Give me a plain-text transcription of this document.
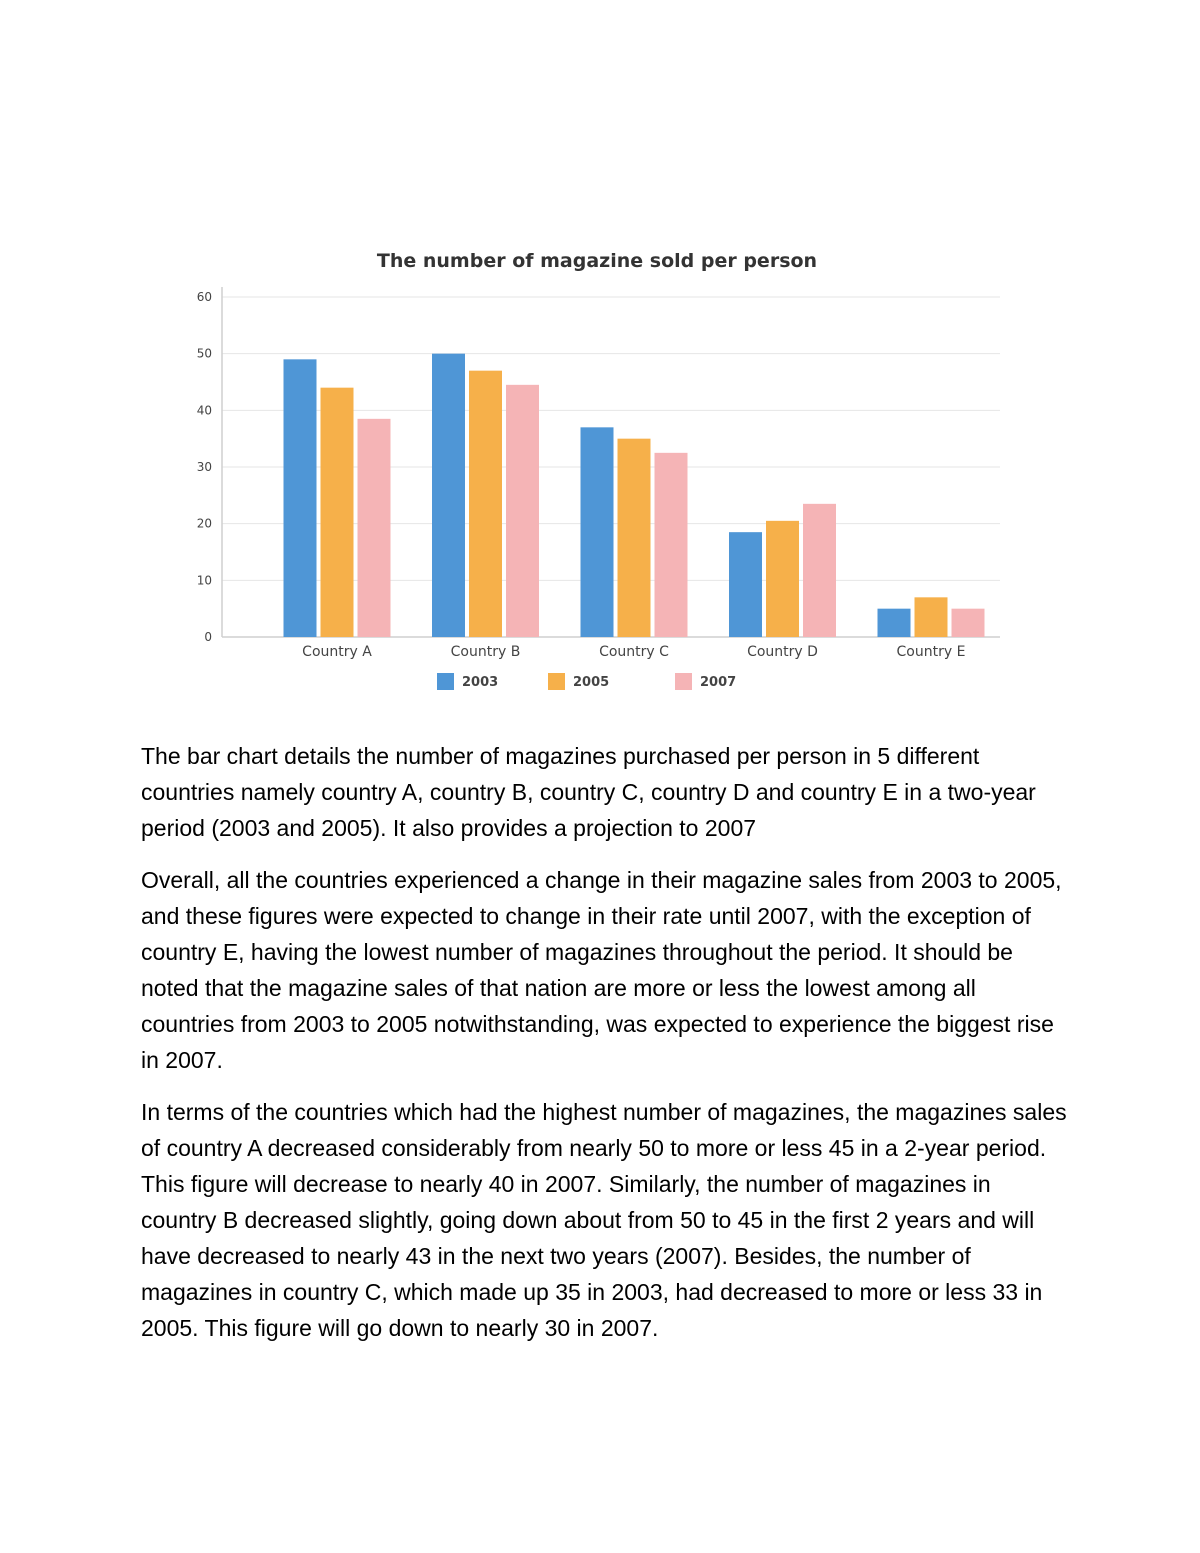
The number of magazine sold per person
0
10
20
30
40
50
60
Country A	Country B	Country C	Country D	Country E
2003	2005	2007

The bar chart details the number of magazines purchased per person in 5 different countries namely country A, country B, country C, country D and country E in a two-year period (2003 and 2005). It also provides a projection to 2007

Overall, all the countries experienced a change in their magazine sales from 2003 to 2005, and these figures were expected to change in their rate until 2007, with the exception of country E, having the lowest number of magazines throughout the period. It should be noted that the magazine sales of that nation are more or less the lowest among all countries from 2003 to 2005 notwithstanding, was expected to experience the biggest rise in 2007.

In terms of the countries which had the highest number of magazines, the magazines sales of country A decreased considerably from nearly 50 to more or less 45 in a 2-year period. This figure will decrease to nearly 40 in 2007. Similarly, the number of magazines in country B decreased slightly, going down about from 50 to 45 in the first 2 years and will have decreased to nearly 43 in the next two years (2007). Besides, the number of magazines in country C, which made up 35 in 2003, had decreased to more or less 33 in 2005. This figure will go down to nearly 30 in 2007.
